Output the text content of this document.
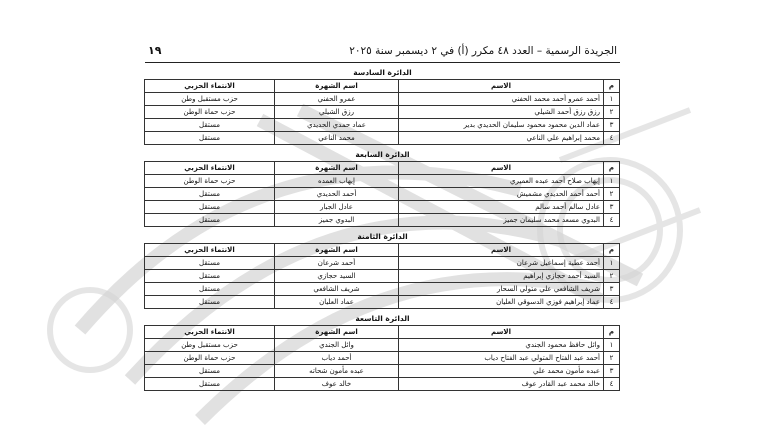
الجريدة الرسمية – العدد ٤٨ مكرر (أ) في ٢ ديسمبر سنة ٢٠٢٥
١٩
الدائرة السادسة
م	الاسم	اسم الشهرة	الانتماء الحزبي
١	أحمد عمرو أحمد محمد الحفني	عمرو الحفني	حزب مستقبل وطن
٢	رزق رزق أحمد الشيلي	رزق الشيلي	حزب حماة الوطن
٣	عماد الدين محمود محمود سليمان الحديدي بدير	عماد حمدي الحديدي	مستقل
٤	محمد إبراهيم علي الناعي	محمد الناعي	مستقل
الدائرة السابعة
م	الاسم	اسم الشهرة	الانتماء الحزبي
١	إيهاب صلاح أحمد عبده العميري	إيهاب العمده	حزب حماة الوطن
٢	أحمد أحمد الحديدي مشميش	أحمد الحديدي	مستقل
٣	عادل سالم أحمد سالم	عادل الجبار	مستقل
٤	البدوي مسعد محمد سليمان جميز	البدوي جميز	مستقل
الدائرة الثامنة
م	الاسم	اسم الشهرة	الانتماء الحزبي
١	أحمد عطية إسماعيل شرعان	أحمد شرعان	مستقل
٢	السيد أحمد حجازي إبراهيم	السيد حجازي	مستقل
٣	شريف الشافعي علي متولي السحار	شريف الشافعي	مستقل
٤	عماد إبراهيم فوزي الدسوقي العليان	عماد العليان	مستقل
الدائرة التاسعة
م	الاسم	اسم الشهرة	الانتماء الحزبي
١	وائل حافظ محمود الجندي	وائل الجندي	حزب مستقبل وطن
٢	أحمد عبد الفتاح المتولي عبد الفتاح دياب	أحمد دياب	حزب حماة الوطن
٣	عبده مأمون محمد علي	عبده مأمون شحاته	مستقل
٤	خالد محمد عبد القادر عوف	خالد عوف	مستقل
